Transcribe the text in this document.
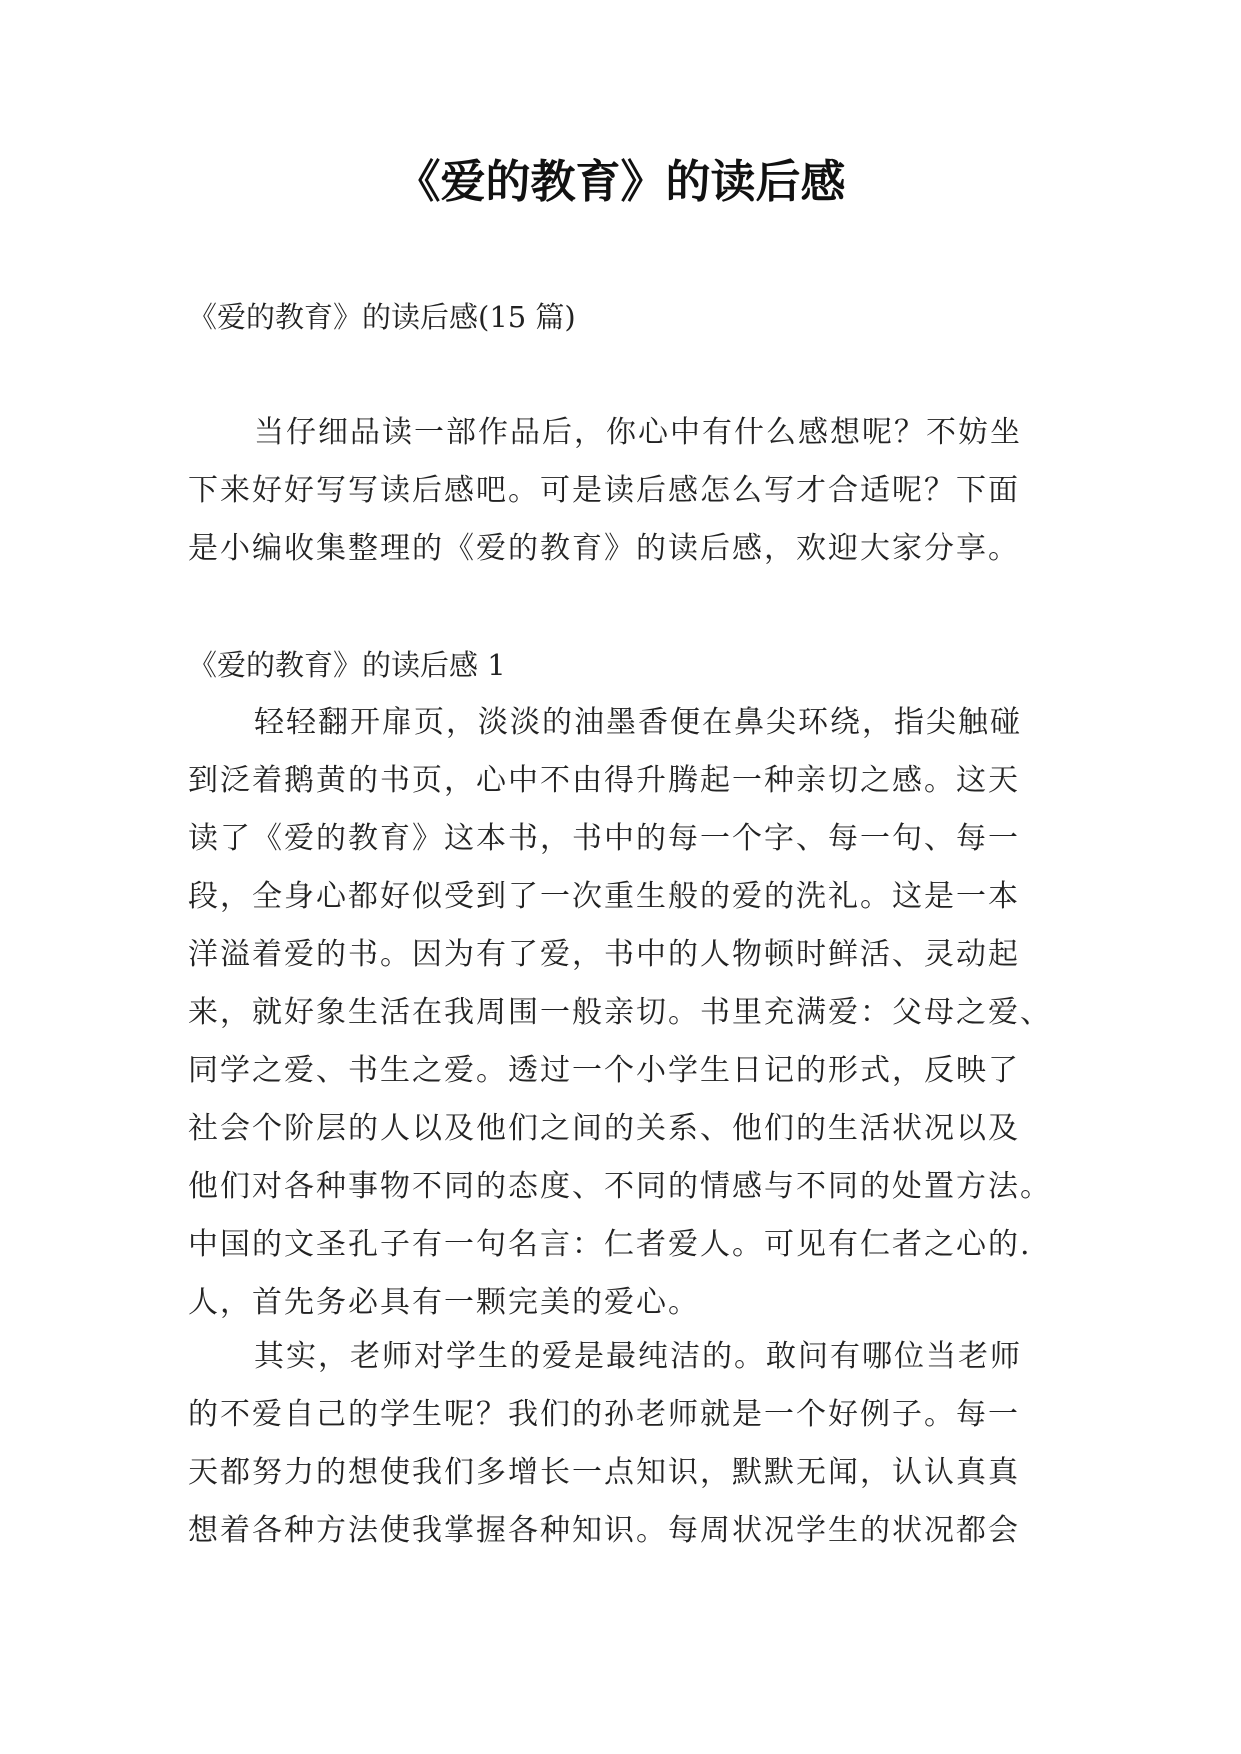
《爱的教育》的读后感

《爱的教育》的读后感(15 篇)

当仔细品读一部作品后，你心中有什么感想呢？不妨坐
下来好好写写读后感吧。可是读后感怎么写才合适呢？下面
是小编收集整理的《爱的教育》的读后感，欢迎大家分享。

《爱的教育》的读后感 1

轻轻翻开扉页，淡淡的油墨香便在鼻尖环绕，指尖触碰
到泛着鹅黄的书页，心中不由得升腾起一种亲切之感。这天
读了《爱的教育》这本书，书中的每一个字、每一句、每一
段，全身心都好似受到了一次重生般的爱的洗礼。这是一本
洋溢着爱的书。因为有了爱，书中的人物顿时鲜活、灵动起
来，就好象生活在我周围一般亲切。书里充满爱：父母之爱、
同学之爱、书生之爱。透过一个小学生日记的形式，反映了
社会个阶层的人以及他们之间的关系、他们的生活状况以及
他们对各种事物不同的态度、不同的情感与不同的处置方法。
中国的文圣孔子有一句名言：仁者爱人。可见有仁者之心的.
人，首先务必具有一颗完美的爱心。
其实，老师对学生的爱是最纯洁的。敢问有哪位当老师
的不爱自己的学生呢？我们的孙老师就是一个好例子。每一
天都努力的想使我们多增长一点知识，默默无闻，认认真真
想着各种方法使我掌握各种知识。每周状况学生的状况都会
